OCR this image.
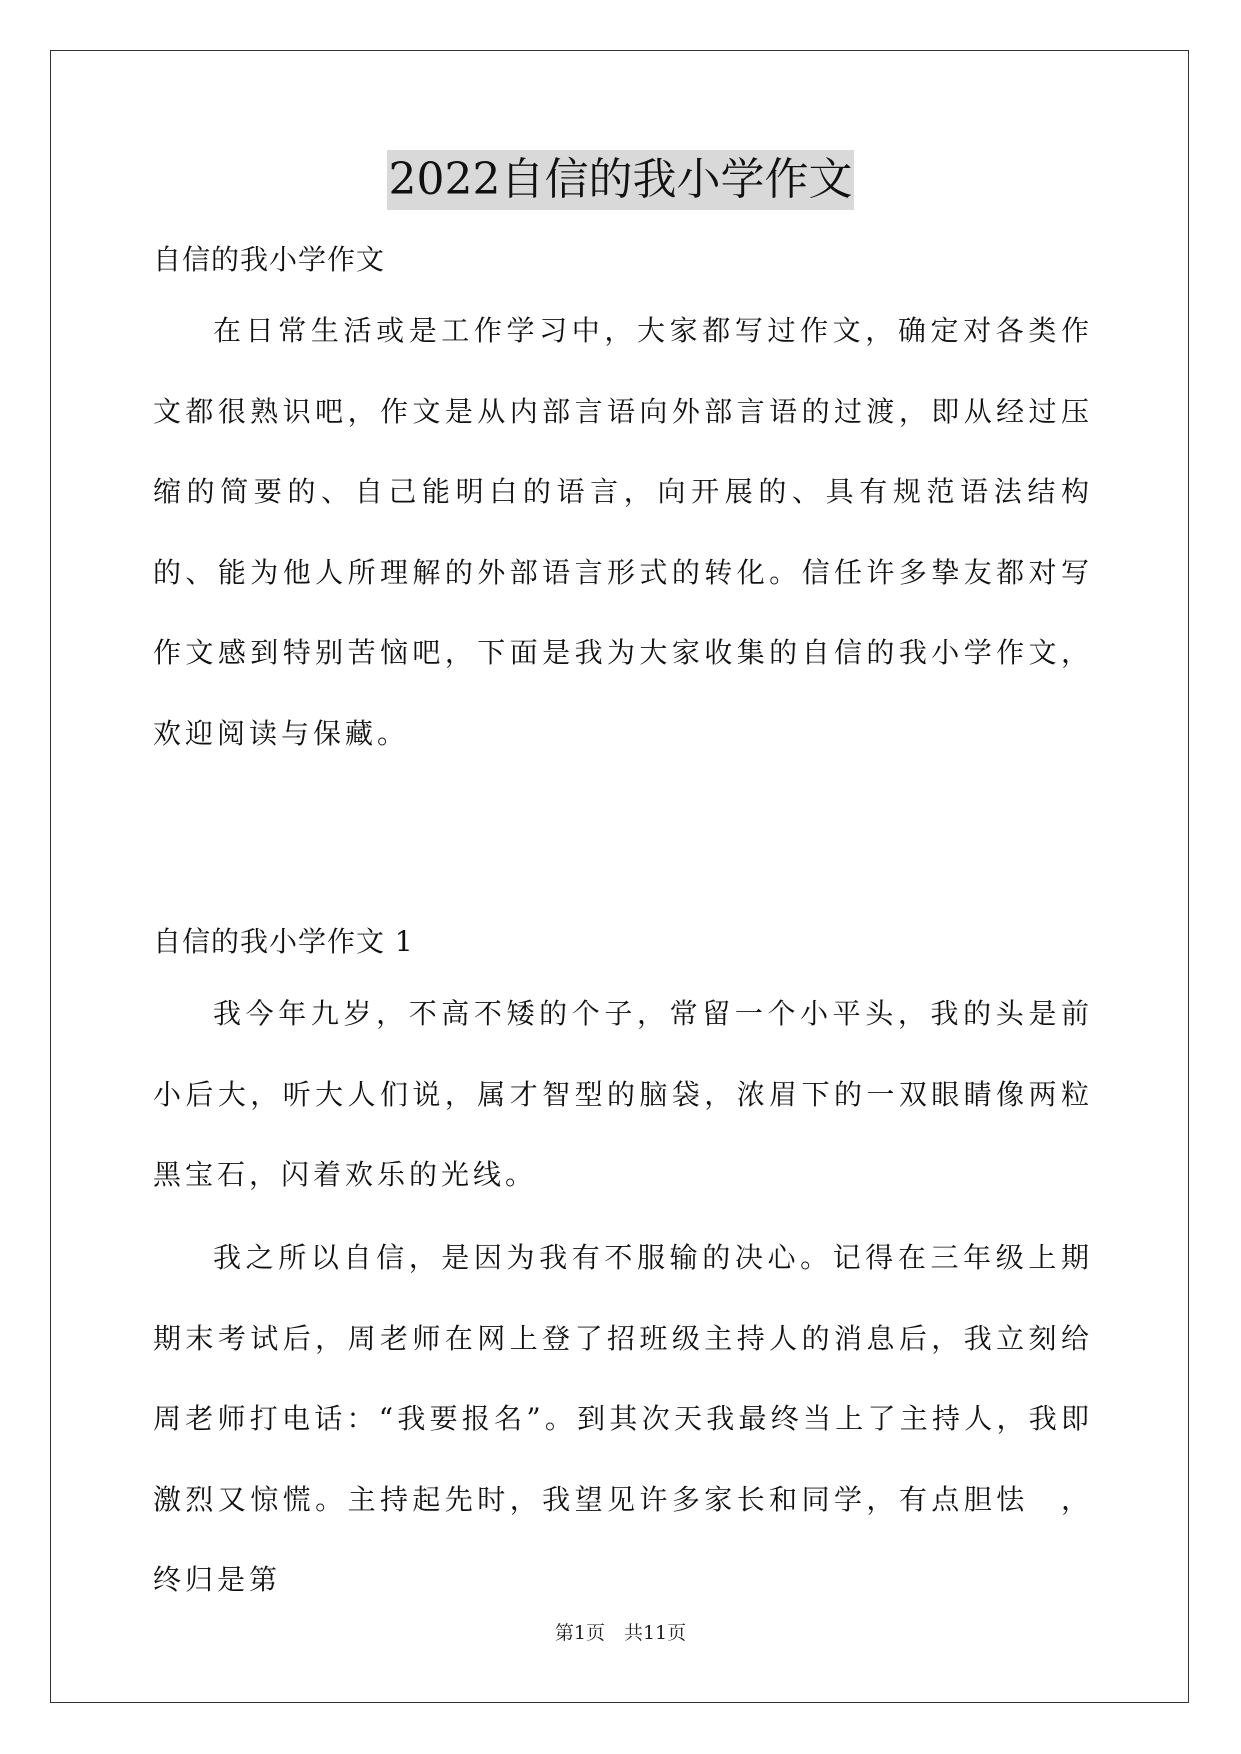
2022自信的我小学作文
自信的我小学作文
在日常生活或是工作学习中，大家都写过作文，确定对各类作文都很熟识吧，作文是从内部言语向外部言语的过渡，即从经过压缩的简要的、自己能明白的语言，向开展的、具有规范语法结构的、能为他人所理解的外部语言形式的转化。信任许多挚友都对写作文感到特别苦恼吧，下面是我为大家收集的自信的我小学作文，欢迎阅读与保藏。
自信的我小学作文 1
我今年九岁，不高不矮的个子，常留一个小平头，我的头是前小后大，听大人们说，属才智型的脑袋，浓眉下的一双眼睛像两粒黑宝石，闪着欢乐的光线。
我之所以自信，是因为我有不服输的决心。记得在三年级上期期末考试后，周老师在网上登了招班级主持人的消息后，我立刻给周老师打电话：“我要报名”。到其次天我最终当上了主持人，我即激烈又惊慌。主持起先时，我望见许多家长和同学，有点胆怯　，终归是第
第1页　共11页
